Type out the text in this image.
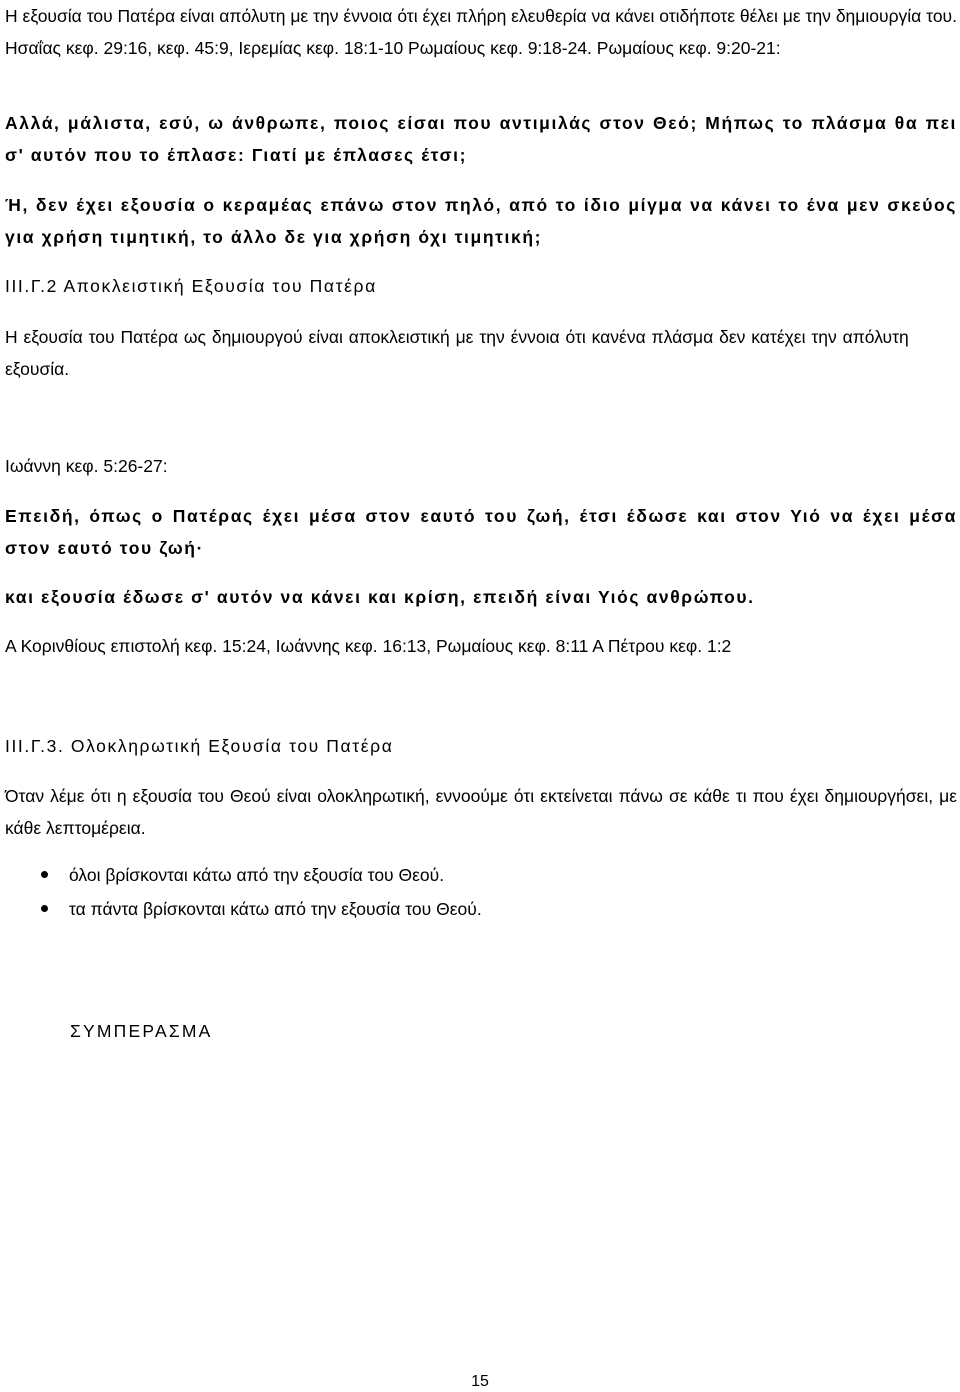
Η εξουσία του Πατέρα είναι απόλυτη με την έννοια ότι έχει πλήρη ελευθερία να κάνει οτιδήποτε θέλει με την δημιουργία του. Ησαΐας κεφ. 29:16, κεφ. 45:9, Ιερεμίας κεφ. 18:1-10 Ρωμαίους κεφ. 9:18-24. Ρωμαίους κεφ. 9:20-21:

Αλλά, μάλιστα, εσύ, ω άνθρωπε, ποιος είσαι που αντιμιλάς στον Θεό; Μήπως το πλάσμα θα πει σ' αυτόν που το έπλασε: Γιατί με έπλασες έτσι;

Ή, δεν έχει εξουσία ο κεραμέας επάνω στον πηλό, από το ίδιο μίγμα να κάνει το ένα μεν σκεύος για χρήση τιμητική, το άλλο δε για χρήση όχι τιμητική;

ΙΙΙ.Γ.2 Αποκλειστική Εξουσία του Πατέρα

Η εξουσία του Πατέρα ως δημιουργού είναι αποκλειστική με την έννοια ότι κανένα πλάσμα δεν κατέχει την απόλυτη εξουσία.

Ιωάννη κεφ. 5:26-27:

Επειδή, όπως ο Πατέρας έχει μέσα στον εαυτό του ζωή, έτσι έδωσε και στον Υιό να έχει μέσα στον εαυτό του ζωή·

και εξουσία έδωσε σ' αυτόν να κάνει και κρίση, επειδή είναι Υιός ανθρώπου.

Α Κορινθίους επιστολή κεφ. 15:24, Ιωάννης κεφ. 16:13, Ρωμαίους κεφ. 8:11 Α Πέτρου κεφ. 1:2

ΙΙΙ.Γ.3. Ολοκληρωτική Εξουσία του Πατέρα

Όταν λέμε ότι η εξουσία του Θεού είναι ολοκληρωτική, εννοούμε ότι εκτείνεται πάνω σε κάθε τι που έχει δημιουργήσει, με κάθε λεπτομέρεια.

όλοι βρίσκονται κάτω από την εξουσία του Θεού.
τα πάντα βρίσκονται κάτω από την εξουσία του Θεού.

ΣΥΜΠΕΡΑΣΜΑ

15
